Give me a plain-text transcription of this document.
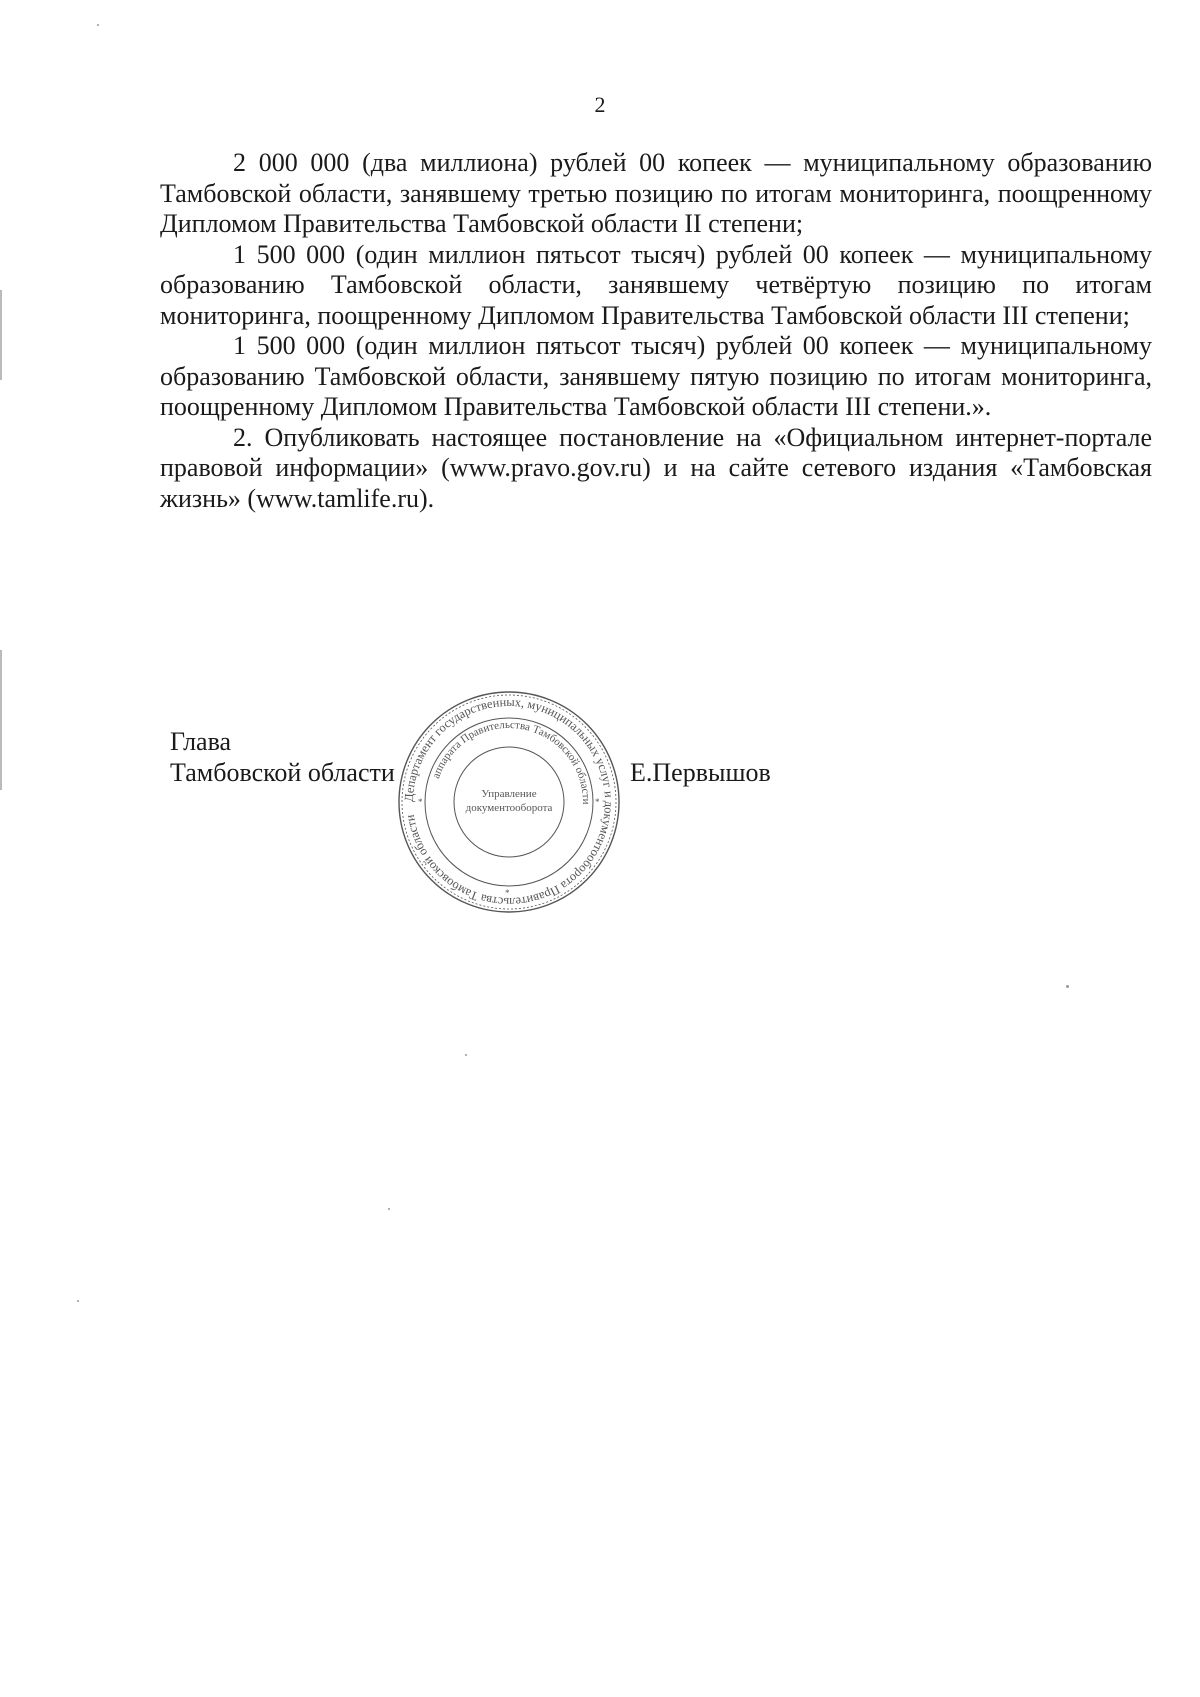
2

2 000 000 (два миллиона) рублей 00 копеек — муниципальному образованию Тамбовской области, занявшему третью позицию по итогам мониторинга, поощренному Дипломом Правительства Тамбовской области II степени;

1 500 000 (один миллион пятьсот тысяч) рублей 00 копеек — муниципальному образованию Тамбовской области, занявшему четвёртую позицию по итогам мониторинга, поощренному Дипломом Правительства Тамбовской области III степени;

1 500 000 (один миллион пятьсот тысяч) рублей 00 копеек — муниципальному образованию Тамбовской области, занявшему пятую позицию по итогам мониторинга, поощренному Дипломом Правительства Тамбовской области III степени.».

2. Опубликовать настоящее постановление на «Официальном интернет-портале правовой информации» (www.pravo.gov.ru) и на сайте сетевого издания «Тамбовская жизнь» (www.tamlife.ru).

Глава
Тамбовской области	Е.Первышов
Департамент государственных, муниципальных услуг и документооборота Правительства Тамбовской области
аппарата Правительства Тамбовской области
Управление
документооборота
*	*
*
